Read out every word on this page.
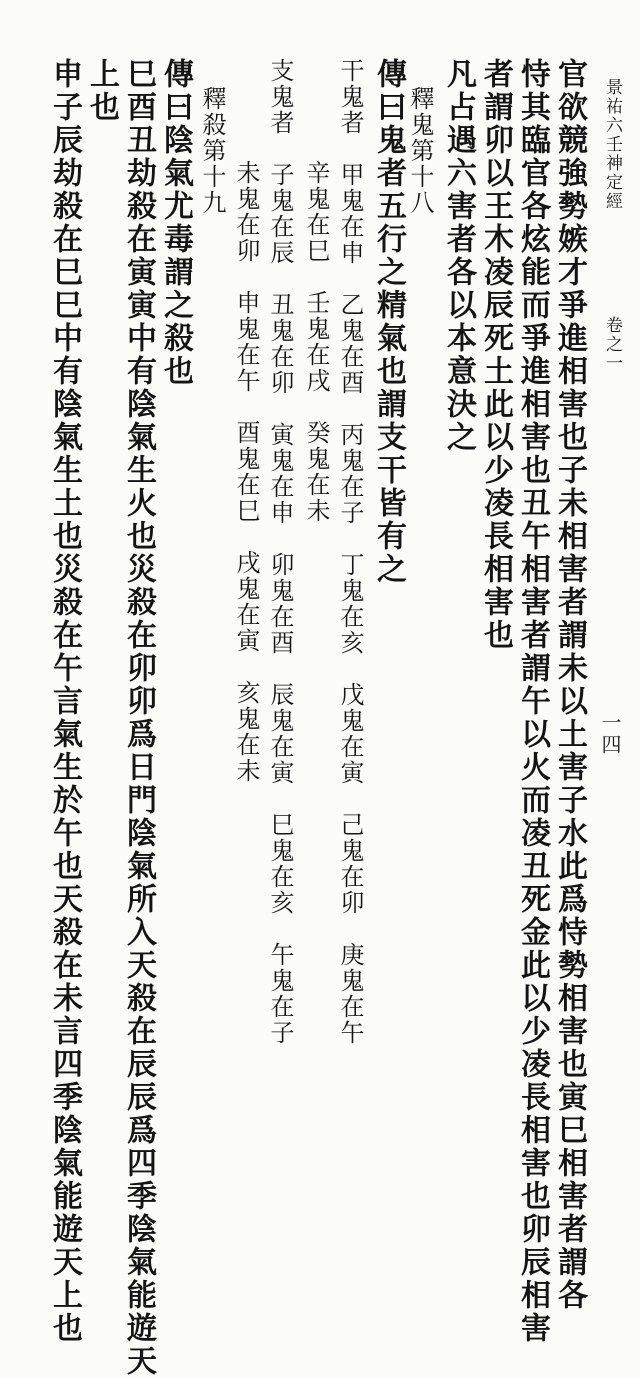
景祐六壬神定經
卷之一
一四
官欲競強勢嫉才爭進相害也子未相害者謂未以土害子水此爲恃勢相害也寅巳相害者謂各
恃其臨官各炫能而爭進相害也丑午相害者謂午以火而凌丑死金此以少凌長相害也卯辰相害
者謂卯以王木凌辰死土此以少凌長相害也
凡占遇六害者各以本意決之
釋鬼第十八
傳曰鬼者五行之精氣也謂支干皆有之
干鬼者　甲鬼在申　乙鬼在酉　丙鬼在子　丁鬼在亥　戊鬼在寅　己鬼在卯　庚鬼在午
辛鬼在巳　壬鬼在戌　癸鬼在未
支鬼者　子鬼在辰　丑鬼在卯　寅鬼在申　卯鬼在酉　辰鬼在寅　巳鬼在亥　午鬼在子
未鬼在卯　申鬼在午　酉鬼在巳　戌鬼在寅　亥鬼在未
釋殺第十九
傳曰陰氣尤毒謂之殺也
巳酉丑劫殺在寅寅中有陰氣生火也災殺在卯卯爲日門陰氣所入天殺在辰辰爲四季陰氣能遊天
上也
申子辰劫殺在巳巳中有陰氣生土也災殺在午言氣生於午也天殺在未言四季陰氣能遊天上也
